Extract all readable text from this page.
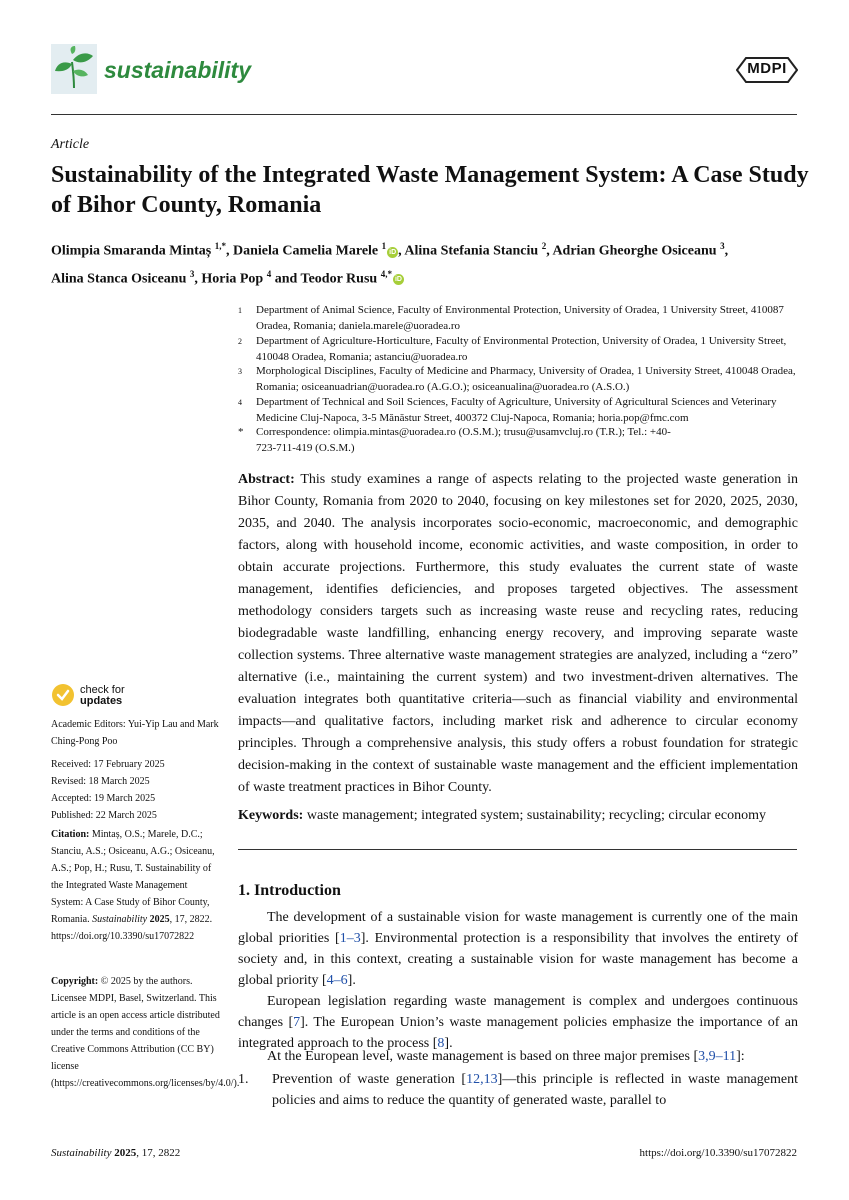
sustainability	MDPI
Article
Sustainability of the Integrated Waste Management System: A Case Study of Bihor County, Romania
Olimpia Smaranda Mintaș $^{1,*}$, Daniela Camelia Marele $^1$iD , Alina Stefania Stanciu $^2$, Adrian Gheorghe Osiceanu $^3$,
Alina Stanca Osiceanu $^3$, Horia Pop $^4$ and Teodor Rusu $^{4,*}$iD
1 Department of Animal Science, Faculty of Environmental Protection, University of Oradea, 1 University Street, 410087 Oradea, Romania; daniela.marele@uoradea.ro
2 Department of Agriculture-Horticulture, Faculty of Environmental Protection, University of Oradea, 1 University Street, 410048 Oradea, Romania; astanciu@uoradea.ro
3 Morphological Disciplines, Faculty of Medicine and Pharmacy, University of Oradea, 1 University Street, 410048 Oradea, Romania; osiceanuadrian@uoradea.ro (A.G.O.); osiceanualina@uoradea.ro (A.S.O.)
4 Department of Technical and Soil Sciences, Faculty of Agriculture, University of Agricultural Sciences and Veterinary Medicine Cluj-Napoca, 3-5 Mănăstur Street, 400372 Cluj-Napoca, Romania; horia.pop@fmc.com
* Correspondence: olimpia.mintas@uoradea.ro (O.S.M.); trusu@usamvcluj.ro (T.R.); Tel.: +40-723-711-419 (O.S.M.)
Abstract: This study examines a range of aspects relating to the projected waste generation in Bihor County, Romania from 2020 to 2040, focusing on key milestones set for 2020, 2025, 2030, 2035, and 2040. The analysis incorporates socio-economic, macroeconomic, and demographic factors, along with household income, economic activities, and waste composition, in order to obtain accurate projections. Furthermore, this study evaluates the current state of waste management, identifies deficiencies, and proposes targeted objectives. The assessment methodology considers targets such as increasing waste reuse and recycling rates, reducing biodegradable waste landfilling, enhancing energy recovery, and improving separate waste collection systems. Three alternative waste management strategies are analyzed, including a “zero” alternative (i.e., maintaining the current system) and two investment-driven alternatives. The evaluation integrates both quantitative criteria—such as financial viability and environmental impacts—and qualitative factors, including market risk and adherence to circular economy principles. Through a comprehensive analysis, this study offers a robust foundation for strategic decision-making in the context of sustainable waste management and the efficient implementation of waste treatment practices in Bihor County.
Keywords: waste management; integrated system; sustainability; recycling; circular economy
1. Introduction
The development of a sustainable vision for waste management is currently one of the main global priorities [1–3]. Environmental protection is a responsibility that involves the entirety of society and, in this context, creating a sustainable vision for waste management has become a global priority [4–6].
European legislation regarding waste management is complex and undergoes continuous changes [7]. The European Union’s waste management policies emphasize the importance of an integrated approach to the process [8].
At the European level, waste management is based on three major premises [3,9–11]:
1. Prevention of waste generation [12,13]—this principle is reflected in waste management policies and aims to reduce the quantity of generated waste, parallel to
check for
updates
Academic Editors: Yui-Yip Lau and Mark Ching-Pong Poo
Received: 17 February 2025
Revised: 18 March 2025
Accepted: 19 March 2025
Published: 22 March 2025
Citation: Mintaș, O.S.; Marele, D.C.; Stanciu, A.S.; Osiceanu, A.G.; Osiceanu, A.S.; Pop, H.; Rusu, T. Sustainability of the Integrated Waste Management System: A Case Study of Bihor County, Romania. Sustainability 2025, 17, 2822. https://doi.org/10.3390/su17072822
Copyright: © 2025 by the authors. Licensee MDPI, Basel, Switzerland. This article is an open access article distributed under the terms and conditions of the Creative Commons Attribution (CC BY) license (https://creativecommons.org/licenses/by/4.0/).
Sustainability 2025, 17, 2822	https://doi.org/10.3390/su17072822
